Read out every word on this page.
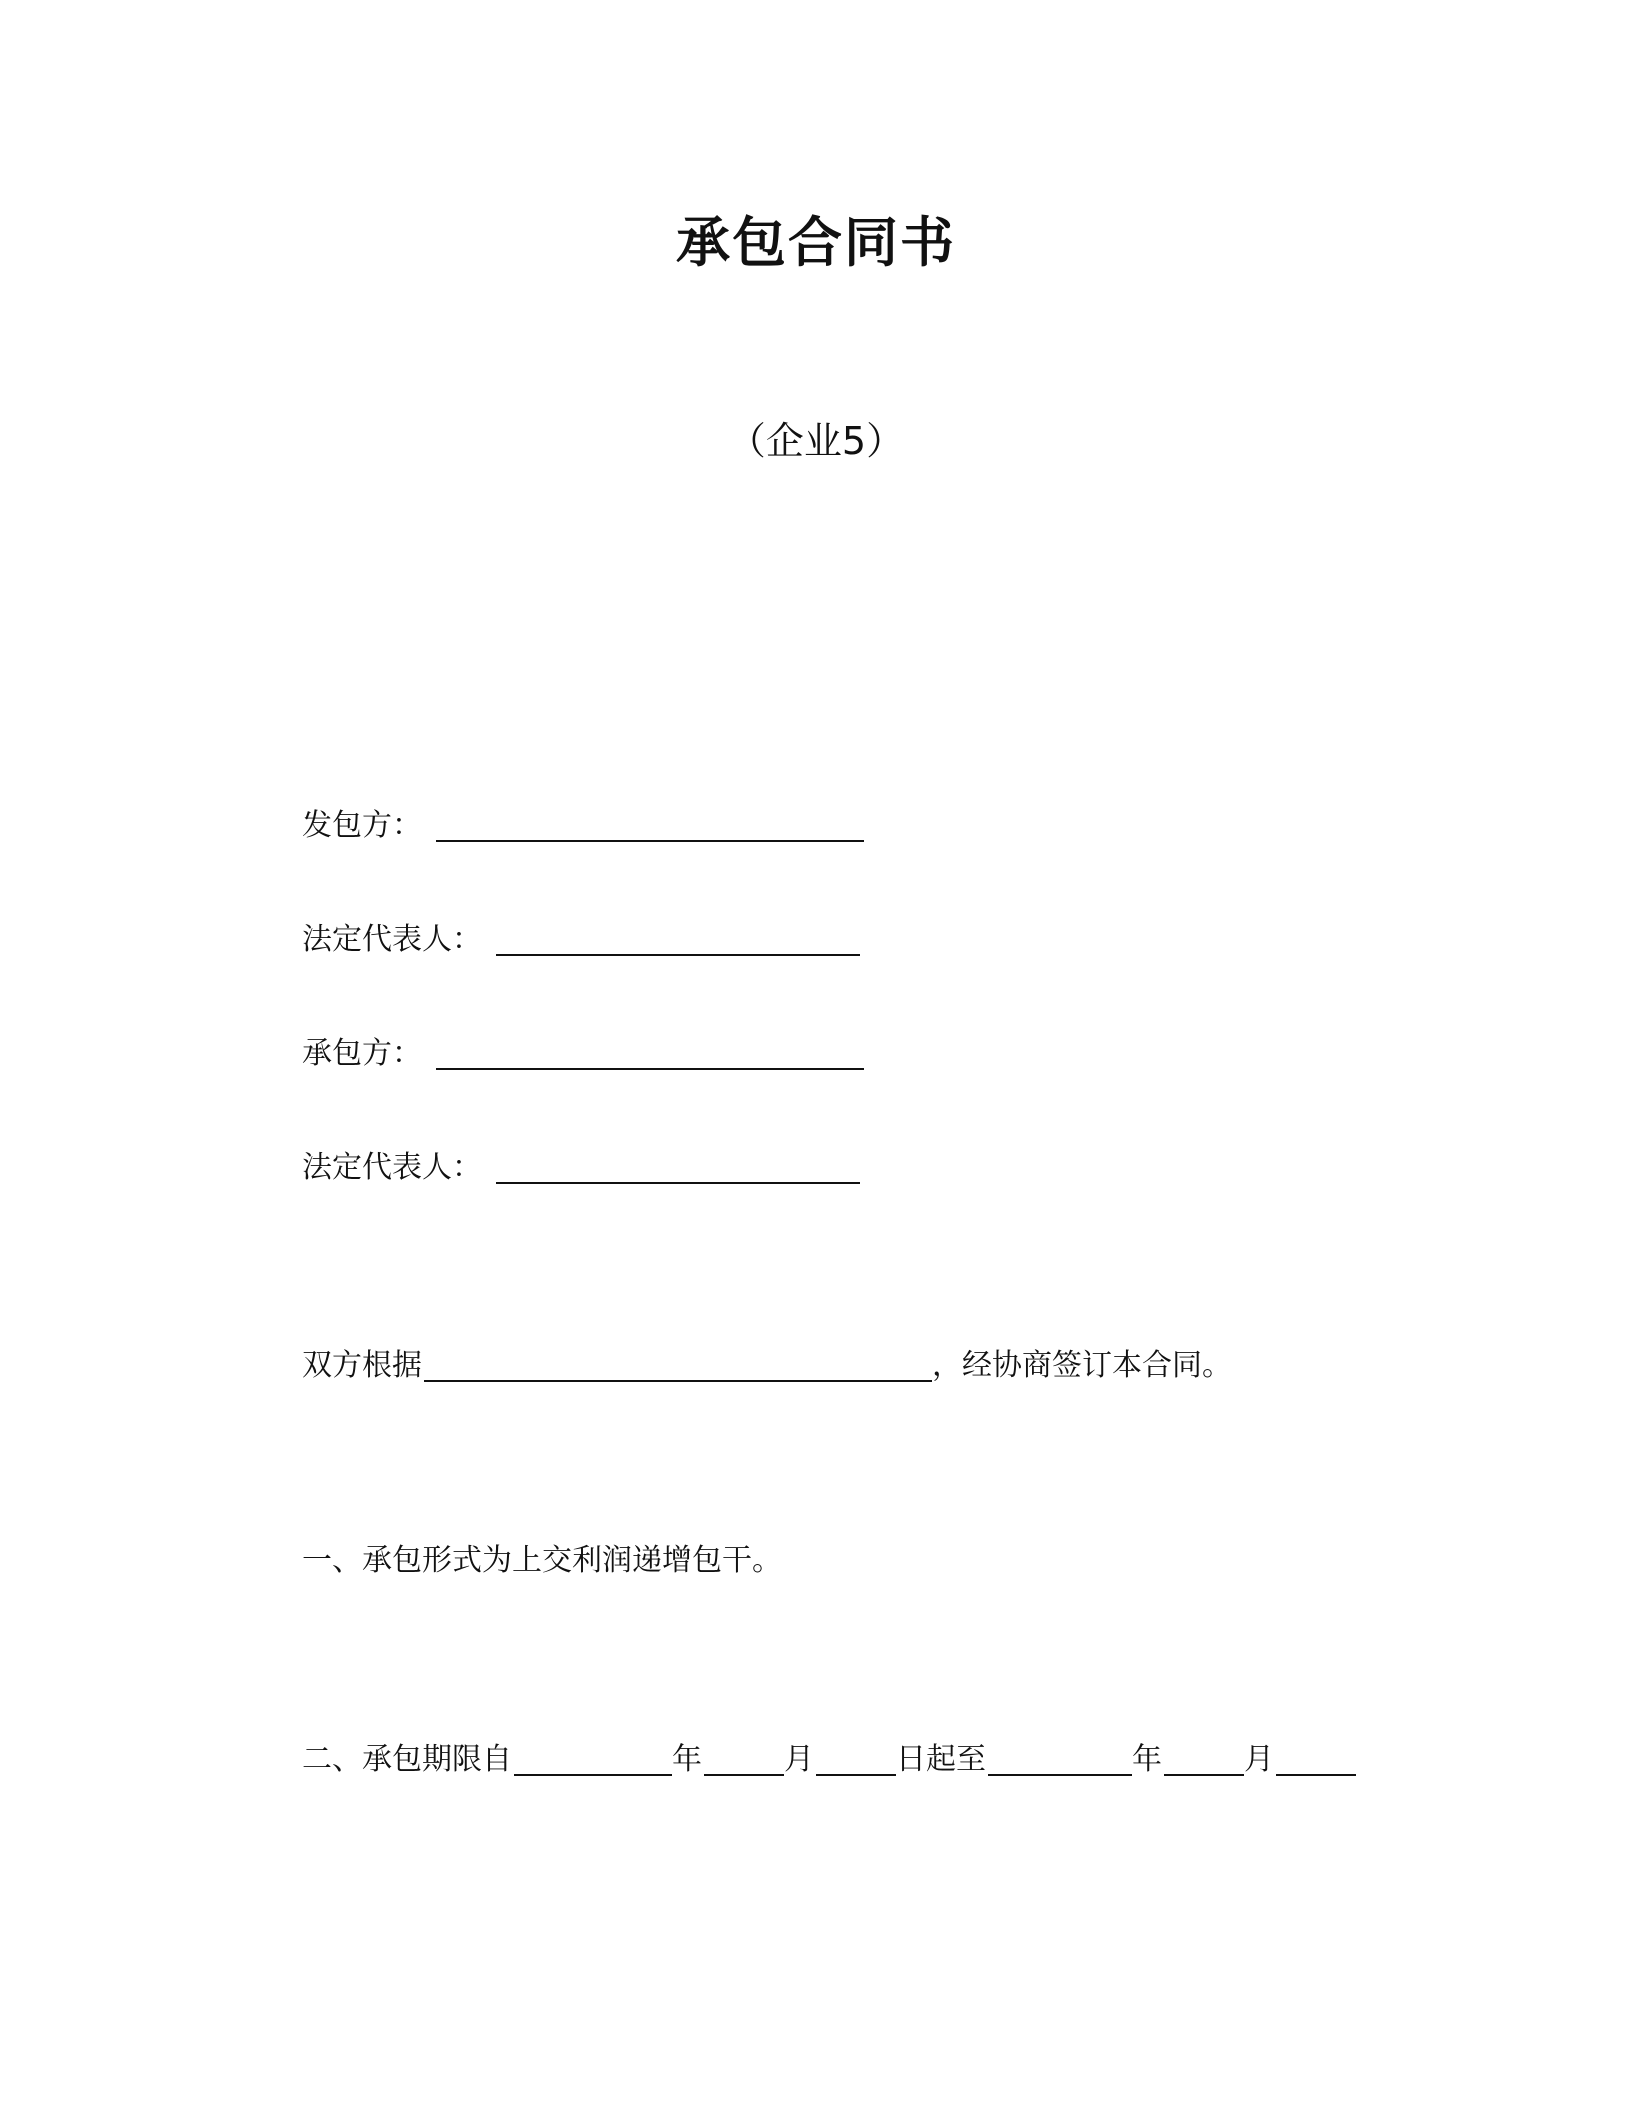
承包合同书
（企业5）
发包方：
法定代表人：
承包方：
法定代表人：
双方根据	，经协商签订本合同。
一、承包形式为上交利润递增包干。
二、承包期限自	年	月	日起至	年	月
